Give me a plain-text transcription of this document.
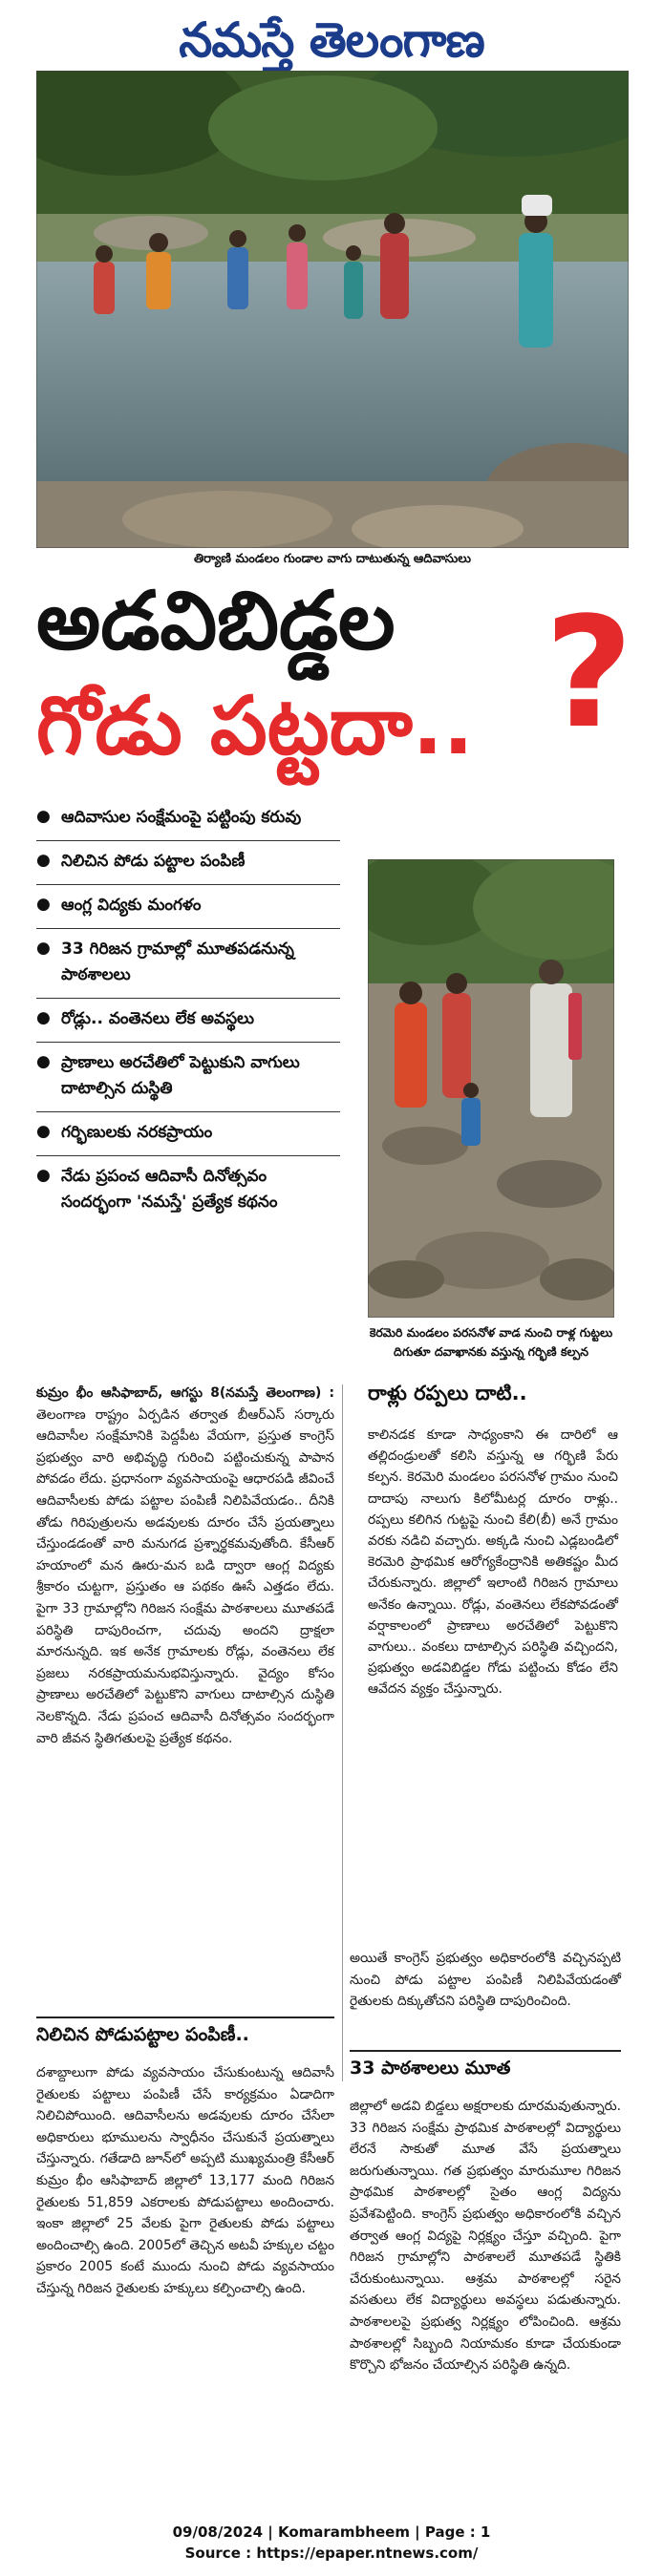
నమస్తే తెలంగాణ
తిర్యాణి మండలం గుండాల వాగు దాటుతున్న ఆదివాసులు
అడవిబిడ్డల
గోడు పట్టదా.. ?
● ఆదివాసుల సంక్షేమంపై పట్టింపు కరువు
● నిలిచిన పోడు పట్టాల పంపిణీ
● ఆంగ్ల విద్యకు మంగళం
● 33 గిరిజన గ్రామాల్లో మూతపడనున్న పాఠశాలలు
● రోడ్లు.. వంతెనలు లేక అవస్థలు
● ప్రాణాలు అరచేతిలో పెట్టుకుని వాగులు దాటాల్సిన దుస్థితి
● గర్భిణులకు నరకప్రాయం
● నేడు ప్రపంచ ఆదివాసీ దినోత్సవం సందర్భంగా 'నమస్తే' ప్రత్యేక కథనం
కెరమెరి మండలం పరసనోళ వాడ నుంచి రాళ్ల గుట్టలు దిగుతూ దవాఖానకు వస్తున్న గర్భిణి కల్పన
రాళ్లు రప్పలు దాటి..
కాలినడక కూడా సాధ్యంకాని ఈ దారిలో ఆ తల్లిదండ్రులతో కలిసి వస్తున్న ఆ గర్భిణి పేరు కల్పన. కెరమెరి మండలం పరసనోళ గ్రామం నుంచి దాదాపు నాలుగు కిలోమీటర్ల దూరం రాళ్లు.. రప్పలు కలిగిన గుట్టపై నుంచి కేలి(బీ) అనే గ్రామం వరకు నడిచి వచ్చారు. అక్కడి నుంచి ఎడ్లబండిలో కెరమెరి ప్రాథమిక ఆరోగ్యకేంద్రానికి అతికష్టం మీద చేరుకున్నారు. జిల్లాలో ఇలాంటి గిరిజన గ్రామాలు అనేకం ఉన్నాయి. రోడ్లు, వంతెనలు లేకపోవడంతో వర్షాకాలంలో ప్రాణాలు అరచేతిలో పెట్టుకొని వాగులు.. వంకలు దాటాల్సిన పరిస్థితి వచ్చిందని, ప్రభుత్వం అడవిబిడ్డల గోడు పట్టించు కోడం లేని ఆవేదన వ్యక్తం చేస్తున్నారు.

కుమ్రం భీం ఆసిఫాబాద్, ఆగస్టు 8(నమస్తే తెలంగాణ) : తెలంగాణ రాష్ట్రం ఏర్పడిన తర్వాత బీఆర్‌ఎస్ సర్కారు ఆదివాసీల సంక్షేమానికి పెద్దపీట వేయగా, ప్రస్తుత కాంగ్రెస్ ప్రభుత్వం వారి అభివృద్ధి గురించి పట్టించుకున్న పాపాన పోవడం లేదు. ప్రధానంగా వ్యవసాయంపై ఆధారపడి జీవించే ఆదివాసీలకు పోడు పట్టాల పంపిణీ నిలిపివేయడం.. దీనికి తోడు గిరిపుత్రులను అడవులకు దూరం చేసే ప్రయత్నాలు చేస్తుండడంతో వారి మనుగడ ప్రశ్నార్థకమవుతోంది. కేసీఆర్ హయాంలో మన ఊరు-మన బడి ద్వారా ఆంగ్ల విద్యకు శ్రీకారం చుట్టగా, ప్రస్తుతం ఆ పథకం ఊసే ఎత్తడం లేదు. పైగా 33 గ్రామాల్లోని గిరిజన సంక్షేమ పాఠశాలలు మూతపడే పరిస్థితి దాపురించగా, చదువు అందని ద్రాక్షలా మారనున్నది. ఇక అనేక గ్రామాలకు రోడ్లు, వంతెనలు లేక ప్రజలు నరకప్రాయమనుభవిస్తున్నారు. వైద్యం కోసం ప్రాణాలు అరచేతిలో పెట్టుకొని వాగులు దాటాల్సిన దుస్థితి నెలకొన్నది. నేడు ప్రపంచ ఆదివాసీ దినోత్సవం సందర్భంగా వారి జీవన స్థితిగతులపై ప్రత్యేక కథనం.

నిలిచిన పోడుపట్టాల పంపిణీ..
దశాబ్దాలుగా పోడు వ్యవసాయం చేసుకుంటున్న ఆదివాసీ రైతులకు పట్టాలు పంపిణీ చేసే కార్యక్రమం ఏడాదిగా నిలిచిపోయింది. ఆదివాసీలను అడవులకు దూరం చేసేలా అధికారులు భూములను స్వాధీనం చేసుకునే ప్రయత్నాలు చేస్తున్నారు. గతేడాది జూన్‌లో అప్పటి ముఖ్యమంత్రి కేసీఆర్ కుమ్రం భీం ఆసిఫాబాద్ జిల్లాలో 13,177 మంది గిరిజన రైతులకు 51,859 ఎకరాలకు పోడుపట్టాలు అందించారు. ఇంకా జిల్లాలో 25 వేలకు పైగా రైతులకు పోడు పట్టాలు అందించాల్సి ఉంది. 2005లో తెచ్చిన అటవీ హక్కుల చట్టం ప్రకారం 2005 కంటే ముందు నుంచి పోడు వ్యవసాయం చేస్తున్న గిరిజన రైతులకు హక్కులు కల్పించాల్సి ఉంది.
అయితే కాంగ్రెస్ ప్రభుత్వం అధికారంలోకి వచ్చినప్పటి నుంచి పోడు పట్టాల పంపిణీ నిలిపివేయడంతో రైతులకు దిక్కుతోచని పరిస్థితి దాపురించింది.
33 పాఠశాలలు మూత
జిల్లాలో అడవి బిడ్డలు అక్షరాలకు దూరమవుతున్నారు. 33 గిరిజన సంక్షేమ ప్రాథమిక పాఠశాలల్లో విద్యార్థులు లేరనే సాకుతో మూత వేసే ప్రయత్నాలు జరుగుతున్నాయి. గత ప్రభుత్వం మారుమూల గిరిజన ప్రాథమిక పాఠశాలల్లో సైతం ఆంగ్ల విద్యను ప్రవేశపెట్టింది. కాంగ్రెస్ ప్రభుత్వం అధికారంలోకి వచ్చిన తర్వాత ఆంగ్ల విద్యపై నిర్లక్ష్యం చేస్తూ వచ్చింది. పైగా గిరిజన గ్రామాల్లోని పాఠశాలలే మూతపడే స్థితికి చేరుకుంటున్నాయి. ఆశ్రమ పాఠశాలల్లో సరైన వసతులు లేక విద్యార్థులు అవస్థలు పడుతున్నారు. పాఠశాలలపై ప్రభుత్వ నిర్లక్ష్యం లోపించింది. ఆశ్రమ పాఠశాలల్లో సిబ్బంది నియామకం కూడా చేయకుండా కొర్చొని భోజనం చేయాల్సిన పరిస్థితి ఉన్నది.
09/08/2024 | Komarambheem | Page : 1
Source : https://epaper.ntnews.com/
